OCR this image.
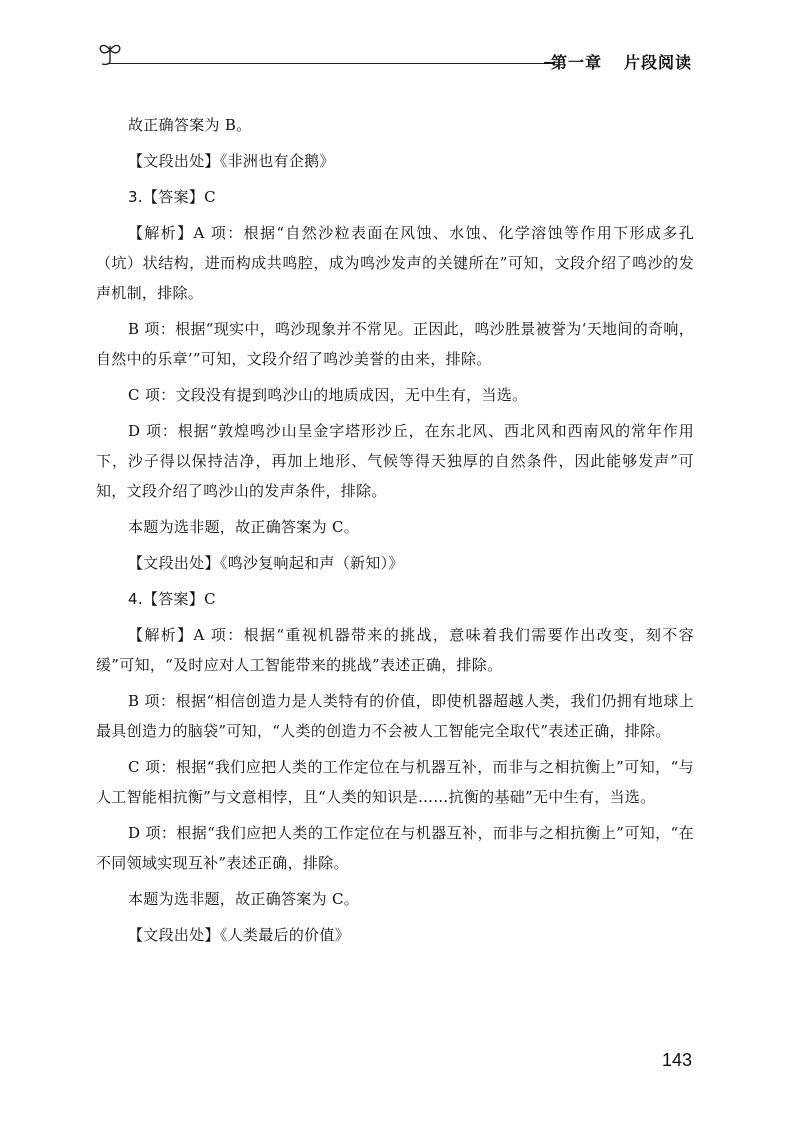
第一章 片段阅读

故正确答案为 B。

【文段出处】《非洲也有企鹅》

3.【答案】C

【解析】A 项：根据“自然沙粒表面在风蚀、水蚀、化学溶蚀等作用下形成多孔（坑）状结构，进而构成共鸣腔，成为鸣沙发声的关键所在”可知，文段介绍了鸣沙的发声机制，排除。

B 项：根据“现实中，鸣沙现象并不常见。正因此，鸣沙胜景被誉为‘天地间的奇响，自然中的乐章’”可知，文段介绍了鸣沙美誉的由来，排除。

C 项：文段没有提到鸣沙山的地质成因，无中生有，当选。

D 项：根据“敦煌鸣沙山呈金字塔形沙丘，在东北风、西北风和西南风的常年作用下，沙子得以保持洁净，再加上地形、气候等得天独厚的自然条件，因此能够发声”可知，文段介绍了鸣沙山的发声条件，排除。

本题为选非题，故正确答案为 C。

【文段出处】《鸣沙复响起和声（新知）》

4.【答案】C

【解析】A 项：根据“重视机器带来的挑战，意味着我们需要作出改变，刻不容缓”可知，“及时应对人工智能带来的挑战”表述正确，排除。

B 项：根据“相信创造力是人类特有的价值，即使机器超越人类，我们仍拥有地球上最具创造力的脑袋”可知，“人类的创造力不会被人工智能完全取代”表述正确，排除。

C 项：根据“我们应把人类的工作定位在与机器互补，而非与之相抗衡上”可知，“与人工智能相抗衡”与文意相悖，且“人类的知识是……抗衡的基础”无中生有，当选。

D 项：根据“我们应把人类的工作定位在与机器互补，而非与之相抗衡上”可知，“在不同领域实现互补”表述正确，排除。

本题为选非题，故正确答案为 C。

【文段出处】《人类最后的价值》

143
